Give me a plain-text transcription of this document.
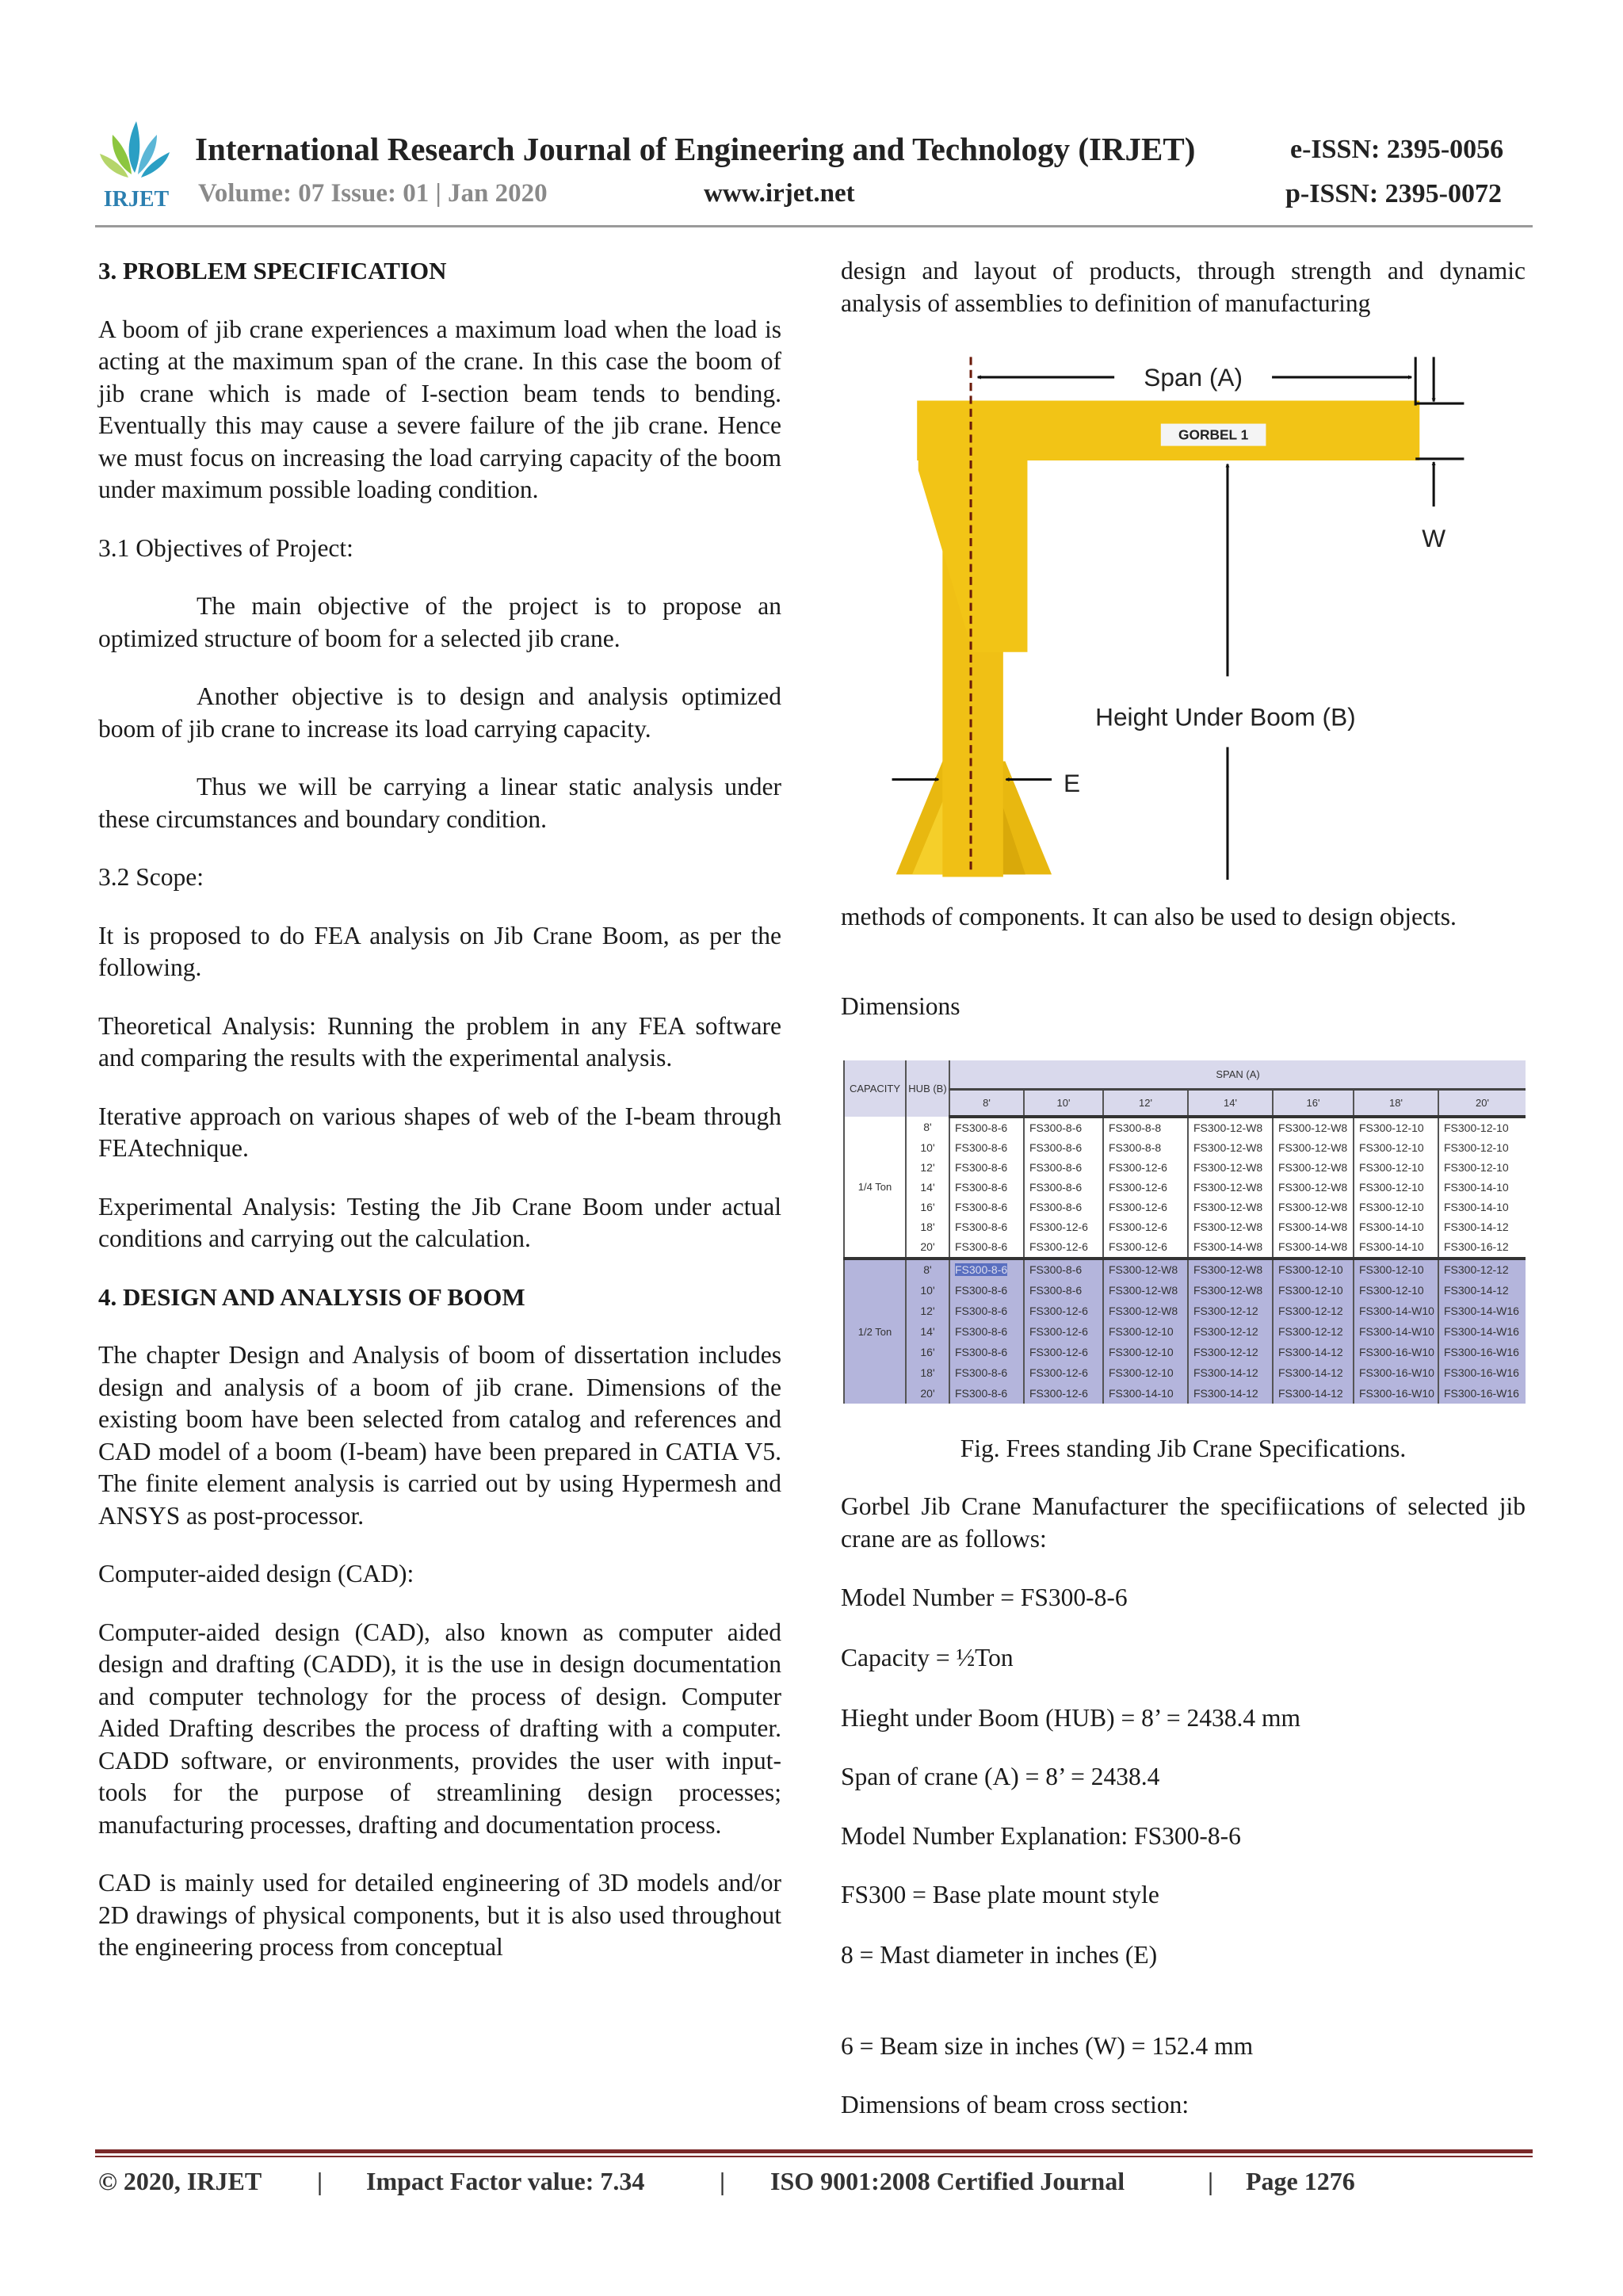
IRJET
International Research Journal of Engineering and Technology (IRJET)	e-ISSN: 2395-0056
Volume: 07 Issue: 01 | Jan 2020	www.irjet.net	p-ISSN: 2395-0072
3. PROBLEM SPECIFICATION

A boom of jib crane experiences a maximum load when the load is acting at the maximum span of the crane. In this case the boom of jib crane which is made of I-section beam tends to bending. Eventually this may cause a severe failure of the jib crane. Hence we must focus on increasing the load carrying capacity of the boom under maximum possible loading condition.

3.1 Objectives of Project:

The main objective of the project is to propose an optimized structure of boom for a selected jib crane.

Another objective is to design and analysis optimized boom of jib crane to increase its load carrying capacity.

Thus we will be carrying a linear static analysis under these circumstances and boundary condition.

3.2 Scope:

It is proposed to do FEA analysis on Jib Crane Boom, as per the following.

Theoretical Analysis: Running the problem in any FEA software and comparing the results with the experimental analysis.

Iterative approach on various shapes of web of the I-beam through FEAtechnique.

Experimental Analysis: Testing the Jib Crane Boom under actual conditions and carrying out the calculation.

4. DESIGN AND ANALYSIS OF BOOM

The chapter Design and Analysis of boom of dissertation includes design and analysis of a boom of jib crane. Dimensions of the existing boom have been selected from catalog and references and CAD model of a boom (I-beam) have been prepared in CATIA V5. The finite element analysis is carried out by using Hypermesh and ANSYS as post-processor.

Computer-aided design (CAD):

Computer-aided design (CAD), also known as computer aided design and drafting (CADD), it is the use in design documentation and computer technology for the process of design. Computer Aided Drafting describes the process of drafting with a computer. CADD software, or environments, provides the user with input-tools for the purpose of streamlining design processes; manufacturing processes, drafting and documentation process.

CAD is mainly used for detailed engineering of 3D models and/or 2D drawings of physical components, but it is also used throughout the engineering process from conceptual

design and layout of products, through strength and dynamic analysis of assemblies to definition of manufacturing

GORBEL 1
Span (A)
W
Height Under Boom (B)
E

methods of components. It can also be used to design objects.

Dimensions
CAPACITY	HUB (B)	SPAN (A)						
		8'	10'	12'	14'	16'	18'	20'
1/4 Ton	8'	FS300-8-6	FS300-8-6	FS300-8-8	FS300-12-W8	FS300-12-W8	FS300-12-10	FS300-12-10
	10'	FS300-8-6	FS300-8-6	FS300-8-8	FS300-12-W8	FS300-12-W8	FS300-12-10	FS300-12-10
	12'	FS300-8-6	FS300-8-6	FS300-12-6	FS300-12-W8	FS300-12-W8	FS300-12-10	FS300-12-10
	14'	FS300-8-6	FS300-8-6	FS300-12-6	FS300-12-W8	FS300-12-W8	FS300-12-10	FS300-14-10
	16'	FS300-8-6	FS300-8-6	FS300-12-6	FS300-12-W8	FS300-12-W8	FS300-12-10	FS300-14-10
	18'	FS300-8-6	FS300-12-6	FS300-12-6	FS300-12-W8	FS300-14-W8	FS300-14-10	FS300-14-12
	20'	FS300-8-6	FS300-12-6	FS300-12-6	FS300-14-W8	FS300-14-W8	FS300-14-10	FS300-16-12
1/2 Ton	8'	FS300-8-6	FS300-8-6	FS300-12-W8	FS300-12-W8	FS300-12-10	FS300-12-10	FS300-12-12
	10'	FS300-8-6	FS300-8-6	FS300-12-W8	FS300-12-W8	FS300-12-10	FS300-12-10	FS300-14-12
	12'	FS300-8-6	FS300-12-6	FS300-12-W8	FS300-12-12	FS300-12-12	FS300-14-W10	FS300-14-W16
	14'	FS300-8-6	FS300-12-6	FS300-12-10	FS300-12-12	FS300-12-12	FS300-14-W10	FS300-14-W16
	16'	FS300-8-6	FS300-12-6	FS300-12-10	FS300-12-12	FS300-14-12	FS300-16-W10	FS300-16-W16
	18'	FS300-8-6	FS300-12-6	FS300-12-10	FS300-14-12	FS300-14-12	FS300-16-W10	FS300-16-W16
	20'	FS300-8-6	FS300-12-6	FS300-14-10	FS300-14-12	FS300-14-12	FS300-16-W10	FS300-16-W16
Fig. Frees standing Jib Crane Specifications.

Gorbel Jib Crane Manufacturer the specifiications of selected jib crane are as follows:

Model Number = FS300-8-6
Capacity = ½Ton
Hieght under Boom (HUB) = 8’ = 2438.4 mm
Span of crane (A) = 8’ = 2438.4
Model Number Explanation: FS300-8-6
FS300 = Base plate mount style
8 = Mast diameter in inches (E)
6 = Beam size in inches (W) = 152.4 mm
Dimensions of beam cross section:
© 2020, IRJET | Impact Factor value: 7.34	| ISO 9001:2008 Certified Journal	| Page 1276
